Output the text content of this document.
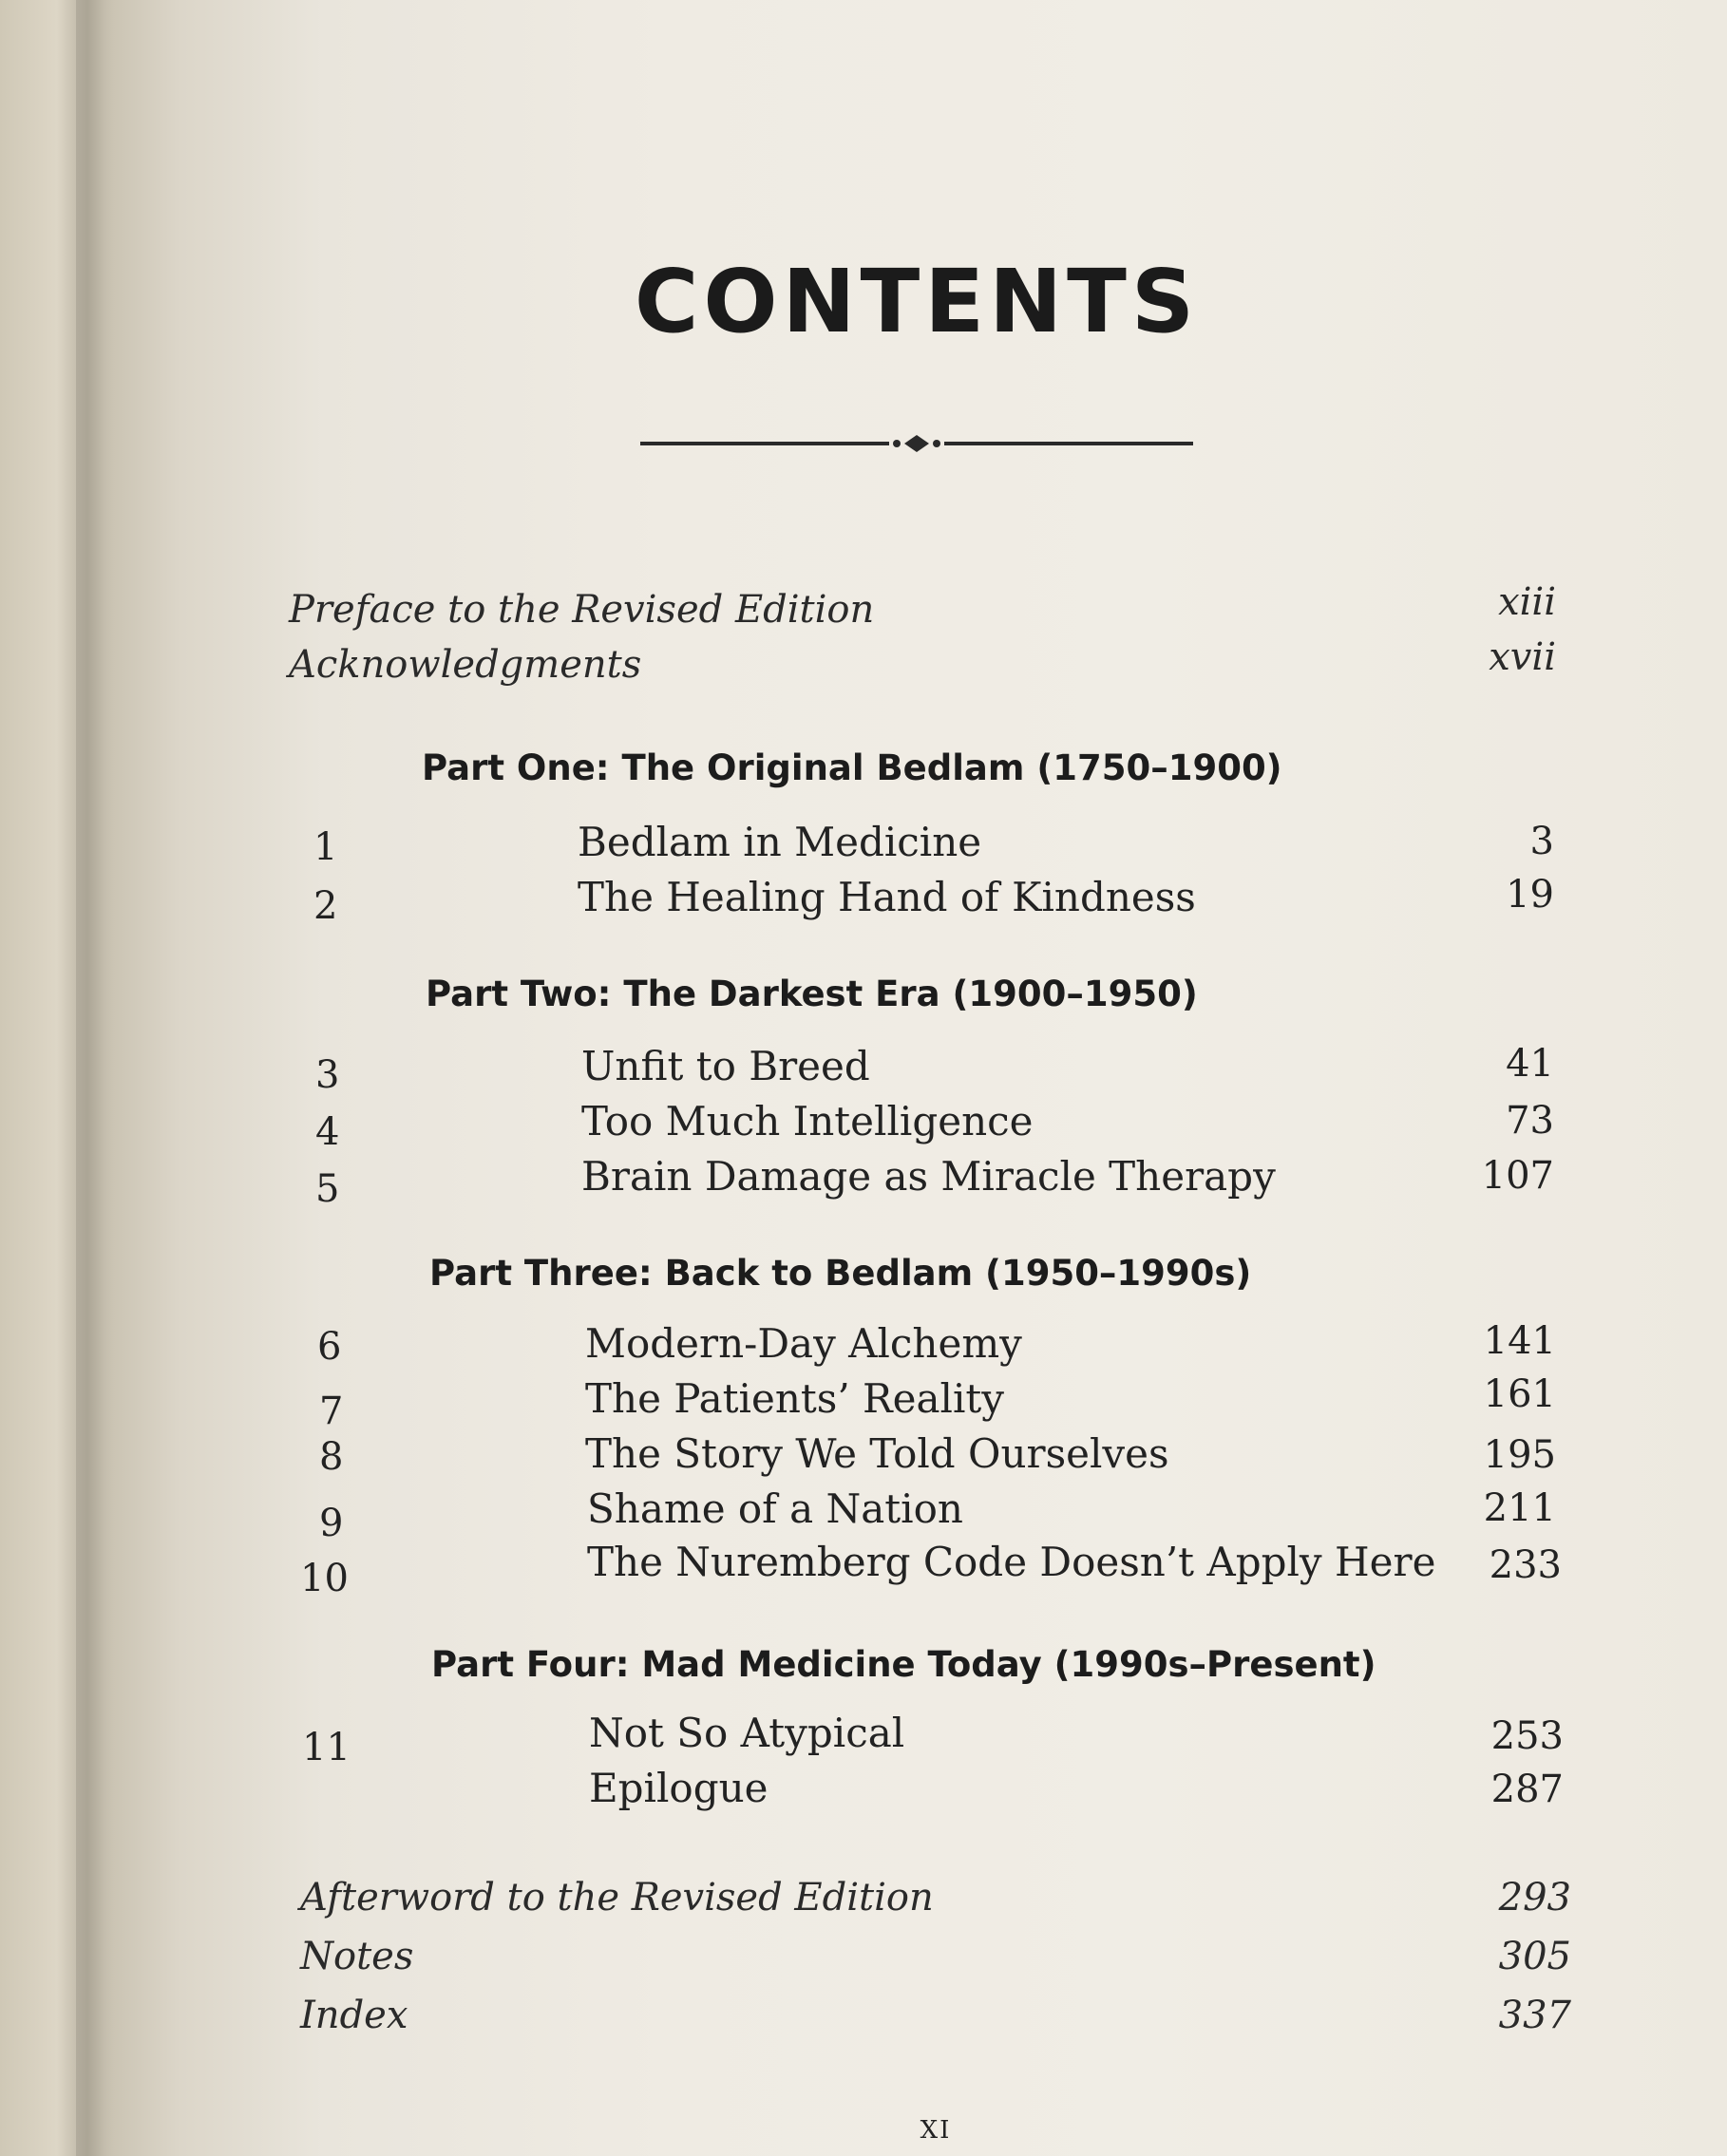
CONTENTS
Preface to the Revised Edition	xiii
Acknowledgments	xvii
Part One: The Original Bedlam (1750–1900)
1	Bedlam in Medicine	3
2	The Healing Hand of Kindness	19
Part Two: The Darkest Era (1900–1950)
3	Unfit to Breed	41
4	Too Much Intelligence	73
5	Brain Damage as Miracle Therapy	107
Part Three: Back to Bedlam (1950–1990s)
6	Modern-Day Alchemy	141
7	The Patients’ Reality	161
8	The Story We Told Ourselves	195
9	Shame of a Nation	211
10	The Nuremberg Code Doesn’t Apply Here	233
Part Four: Mad Medicine Today (1990s–Present)
11	Not So Atypical	253
Epilogue	287
Afterword to the Revised Edition	293
Notes	305
Index	337
XI
